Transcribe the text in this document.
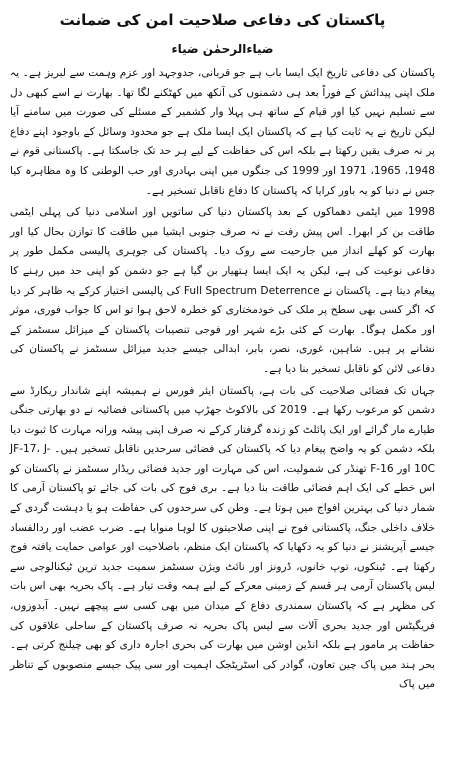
پاکستان کی دفاعی صلاحیت امن کی ضمانت
ضیاءالرحمٰن ضیاء

پاکستان کی دفاعی تاریخ ایک ایسا باب ہے جو قربانی، جدوجہد اور عزم وہمت سے لبریز ہے۔ یہ ملک اپنی پیدائش کے فوراً بعد ہی دشمنوں کی آنکھ میں کھٹکنے لگا تھا۔ بھارت نے اسے کبھی دل سے تسلیم نہیں کیا اور قیام کے ساتھ ہی پہلا وار کشمیر کے مسئلے کی صورت میں سامنے آیا لیکن تاریخ نے یہ ثابت کیا ہے کہ پاکستان ایک ایسا ملک ہے جو محدود وسائل کے باوجود اپنے دفاع پر نہ صرف یقین رکھتا ہے بلکہ اس کی حفاظت کے لیے ہر حد تک جاسکتا ہے۔ پاکستانی قوم نے 1948، 1965، 1971 اور 1999 کی جنگوں میں اپنی بہادری اور حب الوطنی کا وہ مظاہرہ کیا جس نے دنیا کو یہ باور کرایا کہ پاکستان کا دفاع ناقابل تسخیر ہے۔

1998 میں ایٹمی دھماکوں کے بعد پاکستان دنیا کی ساتویں اور اسلامی دنیا کی پہلی ایٹمی طاقت بن کر ابھرا۔ اس پیش رفت نے نہ صرف جنوبی ایشیا میں طاقت کا توازن بحال کیا اور بھارت کو کھلے انداز میں جارحیت سے روک دیا۔ پاکستان کی جوہری پالیسی مکمل طور پر دفاعی نوعیت کی ہے، لیکن یہ ایک ایسا ہتھیار بن گیا ہے جو دشمن کو اپنی حد میں رہنے کا پیغام دیتا ہے۔ پاکستان نے Full Spectrum Deterrence کی پالیسی اختیار کرکے یہ ظاہر کر دیا کہ اگر کسی بھی سطح پر ملک کی خودمختاری کو خطرہ لاحق ہوا تو اس کا جواب فوری، موثر اور مکمل ہوگا۔ بھارت کے کئی بڑے شہر اور فوجی تنصیبات پاکستان کے میزائل سسٹمز کے نشانے پر ہیں۔ شاہین، غوری، نصر، بابر، ابدالی جیسے جدید میزائل سسٹمز نے پاکستان کی دفاعی لائن کو ناقابل تسخیر بنا دیا ہے۔

جہاں تک فضائی صلاحیت کی بات ہے، پاکستان ایئر فورس نے ہمیشہ اپنے شاندار ریکارڈ سے دشمن کو مرعوب رکھا ہے۔ 2019 کی بالاکوٹ جھڑپ میں پاکستانی فضائیہ نے دو بھارتی جنگی طیارے مار گرائے اور ایک پائلٹ کو زندہ گرفتار کرکے نہ صرف اپنی پیشہ ورانہ مہارت کا ثبوت دیا بلکہ دشمن کو یہ واضح پیغام دیا کہ پاکستان کی فضائی سرحدیں ناقابل تسخیر ہیں۔ JF-17، J-10C اور F-16 تھنڈر کی شمولیت، اس کی مہارت اور جدید فضائی ریڈار سسٹمز نے پاکستان کو اس خطے کی ایک اہم فضائی طاقت بنا دیا ہے۔ بری فوج کی بات کی جائے تو پاکستان آرمی کا شمار دنیا کی بہترین افواج میں ہوتا ہے۔ وطن کی سرحدوں کی حفاظت ہو یا دہشت گردی کے خلاف داخلی جنگ، پاکستانی فوج نے اپنی صلاحیتوں کا لوہا منوایا ہے۔ ضرب عضب اور ردالفساد جیسے آپریشنز نے دنیا کو یہ دکھایا کہ پاکستان ایک منظم، باصلاحیت اور عوامی حمایت یافتہ فوج رکھتا ہے۔ ٹینکوں، توپ خانوں، ڈرونز اور نائٹ ویژن سسٹمز سمیت جدید ترین ٹیکنالوجی سے لیس پاکستان آرمی ہر قسم کے زمینی معرکے کے لیے ہمہ وقت تیار ہے۔ پاک بحریہ بھی اس بات کی مظہر ہے کہ پاکستان سمندری دفاع کے میدان میں بھی کسی سے پیچھے نہیں۔ آبدوزوں، فریگیٹس اور جدید بحری آلات سے لیس پاک بحریہ نہ صرف پاکستان کے ساحلی علاقوں کی حفاظت پر مامور ہے بلکہ انڈین اوشن میں بھارت کی بحری اجارہ داری کو بھی چیلنج کرتی ہے۔ بحر ہند میں پاک چین تعاون، گوادر کی اسٹریٹجک اہمیت اور سی پیک جیسے منصوبوں کے تناظر میں پاک
